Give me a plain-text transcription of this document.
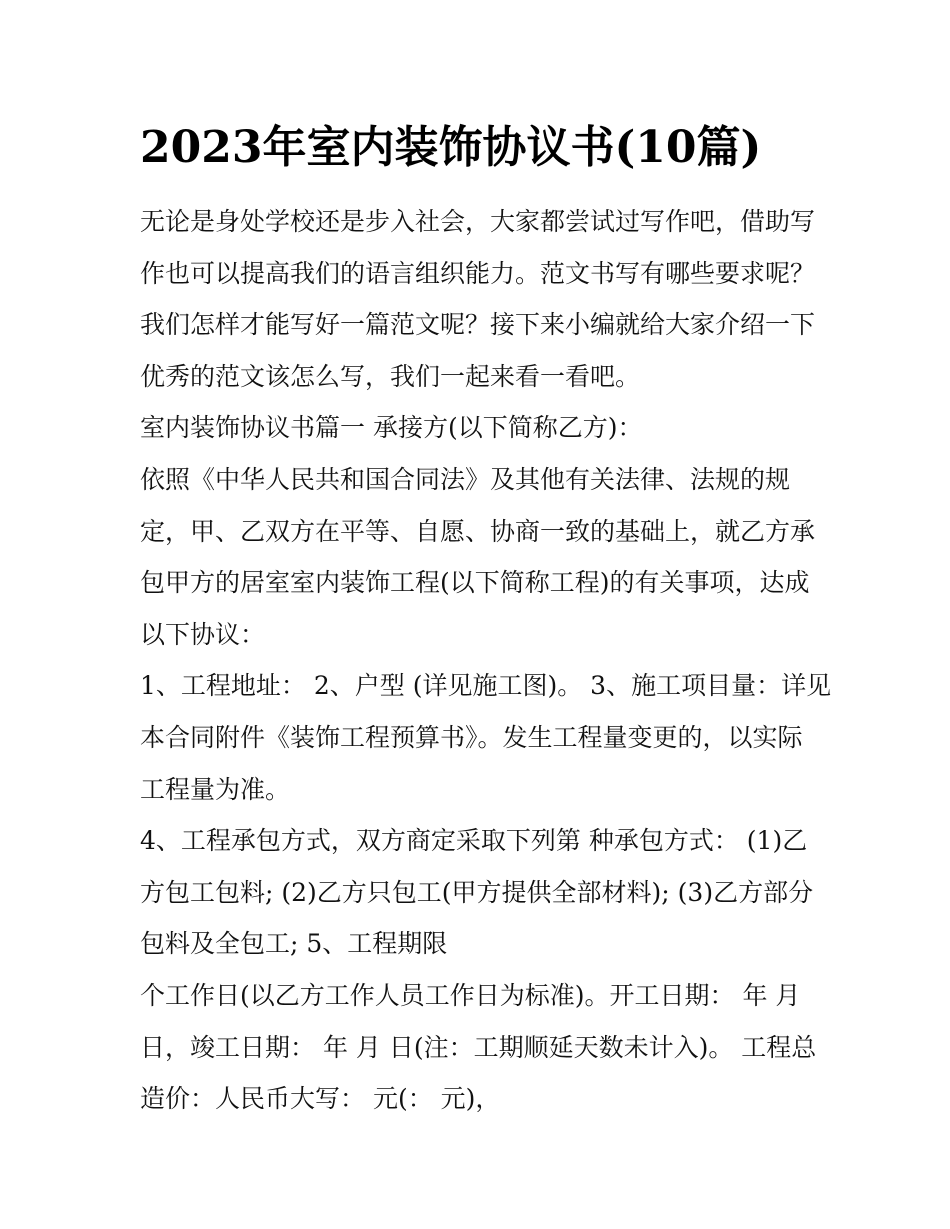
2023年室内装饰协议书(10篇)
无论是身处学校还是步入社会，大家都尝试过写作吧，借助写
作也可以提高我们的语言组织能力。范文书写有哪些要求呢？
我们怎样才能写好一篇范文呢？接下来小编就给大家介绍一下
优秀的范文该怎么写，我们一起来看一看吧。
室内装饰协议书篇一 承接方(以下简称乙方)：
依照《中华人民共和国合同法》及其他有关法律、法规的规
定，甲、乙双方在平等、自愿、协商一致的基础上，就乙方承
包甲方的居室室内装饰工程(以下简称工程)的有关事项，达成
以下协议：
1、工程地址： 2、户型 (详见施工图)。 3、施工项目量：详见
本合同附件《装饰工程预算书》。发生工程量变更的，以实际
工程量为准。
4、工程承包方式，双方商定采取下列第 种承包方式： (1)乙
方包工包料; (2)乙方只包工(甲方提供全部材料); (3)乙方部分
包料及全包工; 5、工程期限
个工作日(以乙方工作人员工作日为标准)。开工日期： 年 月
日，竣工日期： 年 月 日(注：工期顺延天数未计入)。 工程总
造价：人民币大写： 元(： 元)，
